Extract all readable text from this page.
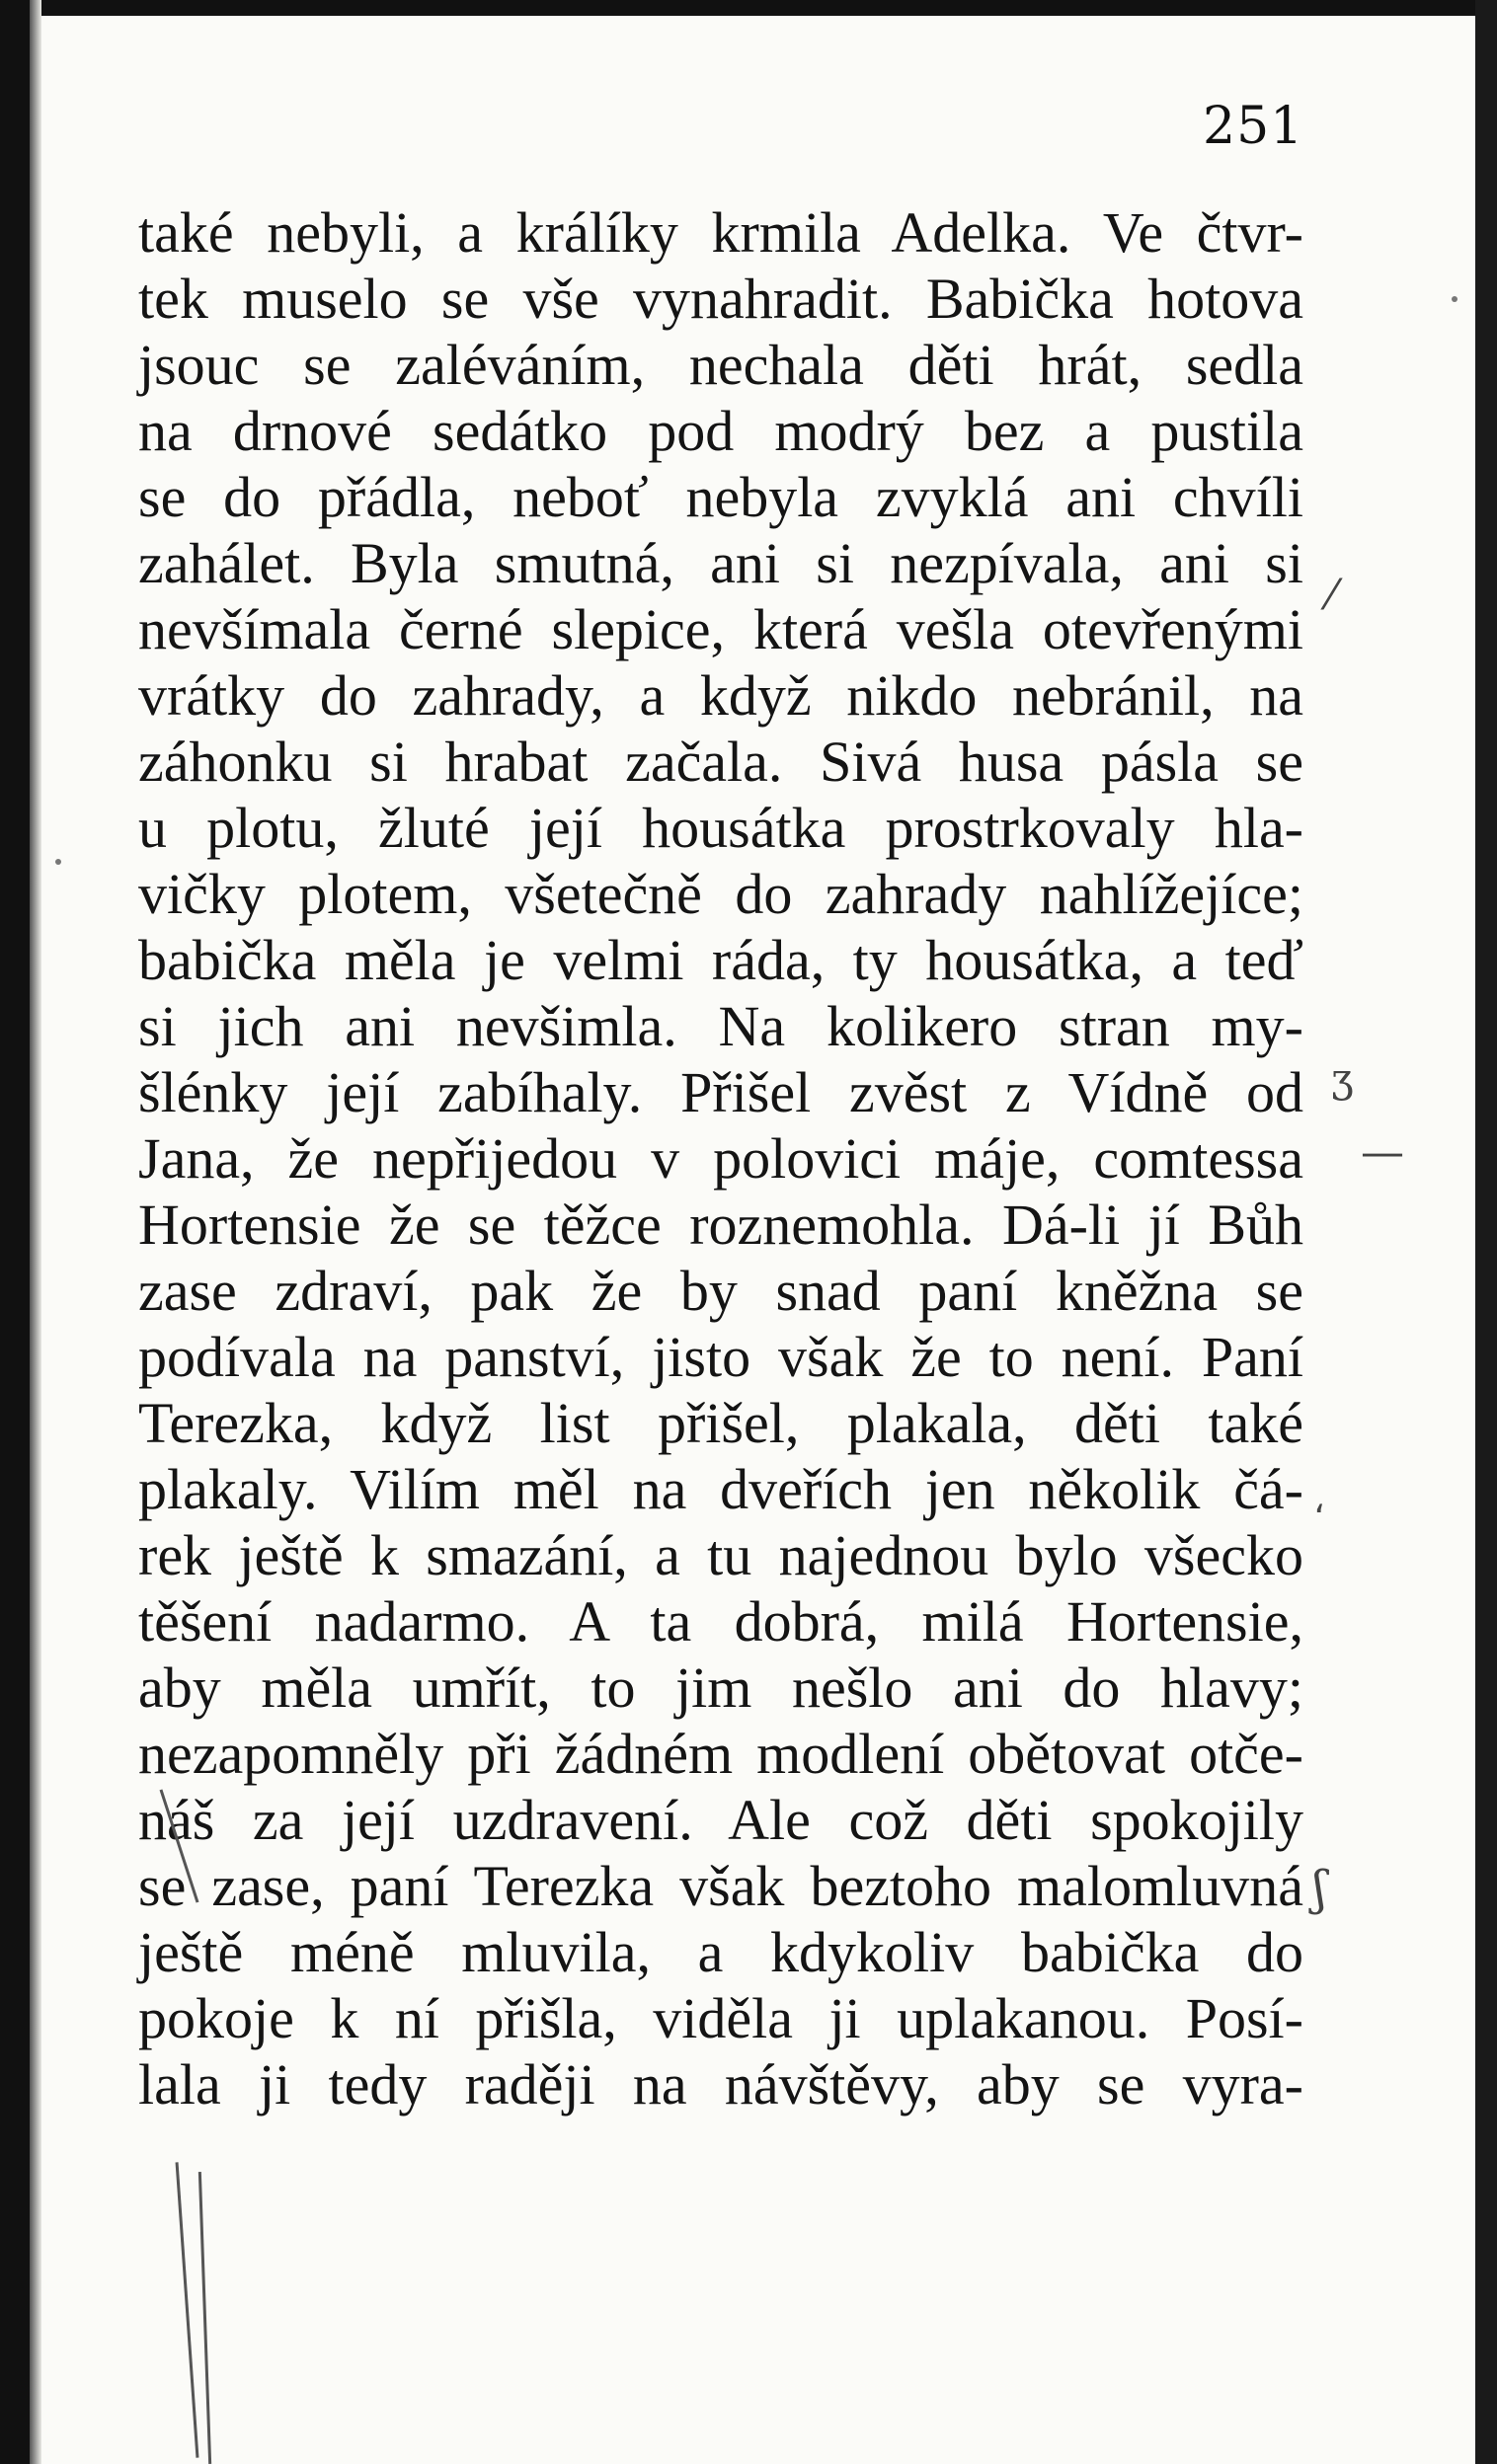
251
také nebyli, a králíky krmila Adelka. Ve čtvr-
tek muselo se vše vynahradit. Babička hotova
jsouc se zaléváním, nechala děti hrát, sedla
na drnové sedátko pod modrý bez a pustila
se do přádla, neboť nebyla zvyklá ani chvíli
zahálet. Byla smutná, ani si nezpívala, ani si
nevšímala černé slepice, která vešla otevřenými
vrátky do zahrady, a když nikdo nebránil, na
záhonku si hrabat začala. Sivá husa pásla se
u plotu, žluté její housátka prostrkovaly hla-
vičky plotem, všetečně do zahrady nahlížejíce;
babička měla je velmi ráda, ty housátka, a teď
si jich ani nevšimla. Na kolikero stran my-
šlénky její zabíhaly. Přišel zvěst z Vídně od
Jana, že nepřijedou v polovici máje, comtessa
Hortensie že se těžce roznemohla. Dá-li jí Bůh
zase zdraví, pak že by snad paní kněžna se
podívala na panství, jisto však že to není. Paní
Terezka, když list přišel, plakala, děti také
plakaly. Vilím měl na dveřích jen několik čá-
rek ještě k smazání, a tu najednou bylo všecko
těšení nadarmo. A ta dobrá, milá Hortensie,
aby měla umřít, to jim nešlo ani do hlavy;
nezapomněly při žádném modlení obětovat otče-
náš za její uzdravení. Ale což děti spokojily
se zase, paní Terezka však beztoho malomluvná
ještě méně mluvila, a kdykoliv babička do
pokoje k ní přišla, viděla ji uplakanou. Posí-
lala ji tedy raději na návštěvy, aby se vyra-
⁄
ʒ
—
،
ʃ
